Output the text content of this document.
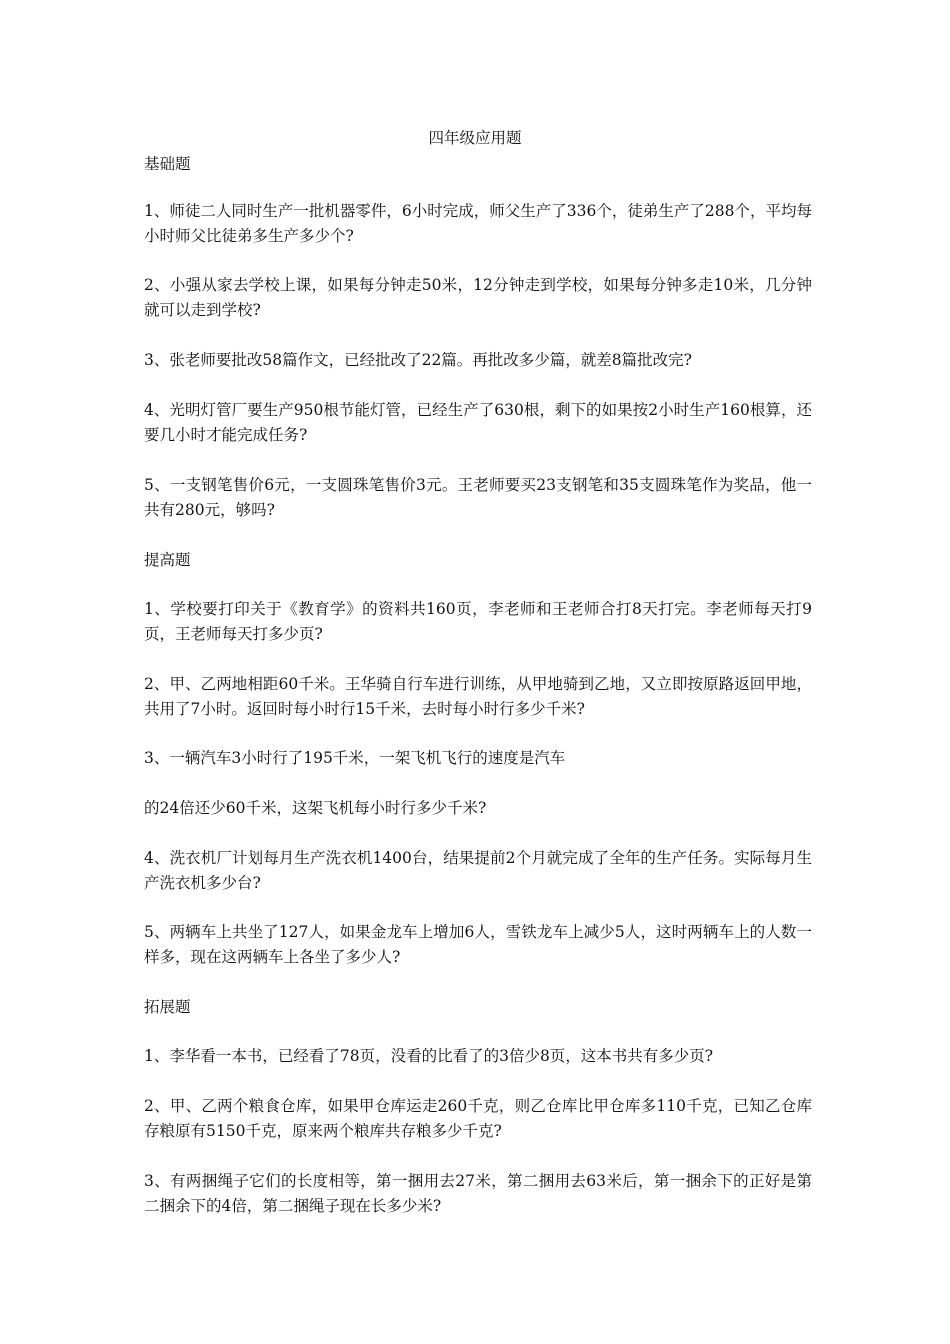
四年级应用题
基础题
1、师徒二人同时生产一批机器零件，6小时完成，师父生产了336个，徒弟生产了288个，平均每小时师父比徒弟多生产多少个?
2、小强从家去学校上课，如果每分钟走50米，12分钟走到学校，如果每分钟多走10米，几分钟就可以走到学校?
3、张老师要批改58篇作文，已经批改了22篇。再批改多少篇，就差8篇批改完?
4、光明灯管厂要生产950根节能灯管，已经生产了630根，剩下的如果按2小时生产160根算，还要几小时才能完成任务?
5、一支钢笔售价6元，一支圆珠笔售价3元。王老师要买23支钢笔和35支圆珠笔作为奖品，他一共有280元，够吗?
提高题
1、学校要打印关于《教育学》的资料共160页，李老师和王老师合打8天打完。李老师每天打9页，王老师每天打多少页?
2、甲、乙两地相距60千米。王华骑自行车进行训练，从甲地骑到乙地，又立即按原路返回甲地，共用了7小时。返回时每小时行15千米，去时每小时行多少千米?
3、一辆汽车3小时行了195千米，一架飞机飞行的速度是汽车
的24倍还少60千米，这架飞机每小时行多少千米?
4、洗衣机厂计划每月生产洗衣机1400台，结果提前2个月就完成了全年的生产任务。实际每月生产洗衣机多少台?
5、两辆车上共坐了127人，如果金龙车上增加6人，雪铁龙车上减少5人，这时两辆车上的人数一样多，现在这两辆车上各坐了多少人?
拓展题
1、李华看一本书，已经看了78页，没看的比看了的3倍少8页，这本书共有多少页?
2、甲、乙两个粮食仓库，如果甲仓库运走260千克，则乙仓库比甲仓库多110千克，已知乙仓库存粮原有5150千克，原来两个粮库共存粮多少千克?
3、有两捆绳子它们的长度相等，第一捆用去27米，第二捆用去63米后，第一捆余下的正好是第二捆余下的4倍，第二捆绳子现在长多少米?
